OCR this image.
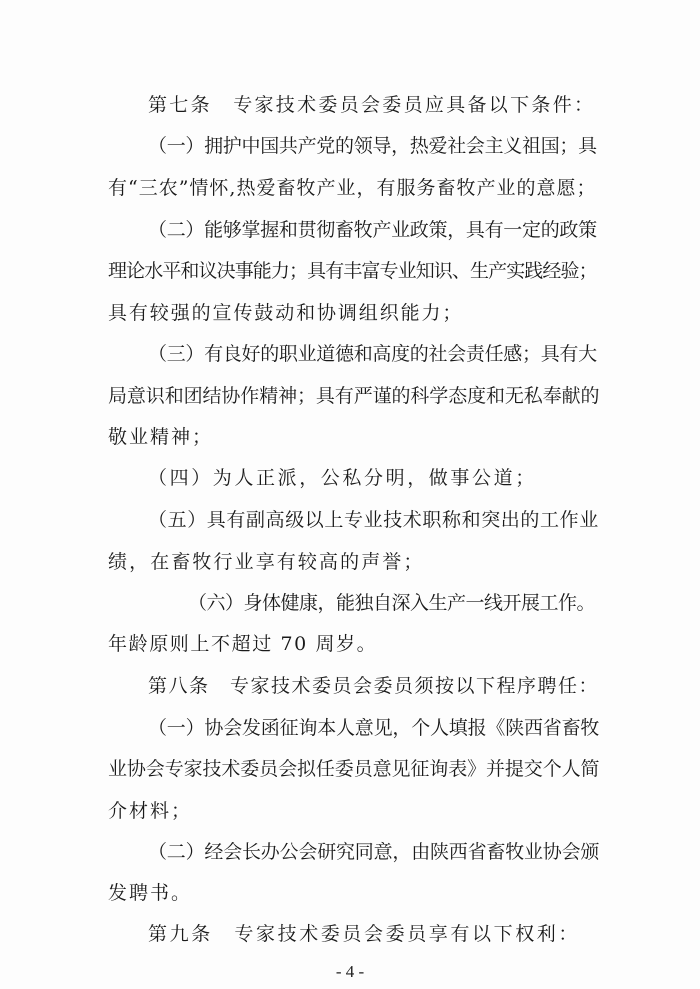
第七条　专家技术委员会委员应具备以下条件：
（一）拥护中国共产党的领导，热爱社会主义祖国；具
有“三农”情怀,热爱畜牧产业，有服务畜牧产业的意愿；
（二）能够掌握和贯彻畜牧产业政策，具有一定的政策
理论水平和议决事能力；具有丰富专业知识、生产实践经验；
具有较强的宣传鼓动和协调组织能力；
（三）有良好的职业道德和高度的社会责任感；具有大
局意识和团结协作精神；具有严谨的科学态度和无私奉献的
敬业精神；
（四）为人正派，公私分明，做事公道；
（五）具有副高级以上专业技术职称和突出的工作业
绩，在畜牧行业享有较高的声誉；
（六）身体健康，能独自深入生产一线开展工作。
年龄原则上不超过 70 周岁。
第八条　专家技术委员会委员须按以下程序聘任：
（一）协会发函征询本人意见，个人填报《陕西省畜牧
业协会专家技术委员会拟任委员意见征询表》并提交个人简
介材料；
（二）经会长办公会研究同意，由陕西省畜牧业协会颁
发聘书。
第九条　专家技术委员会委员享有以下权利：
- 4 -
